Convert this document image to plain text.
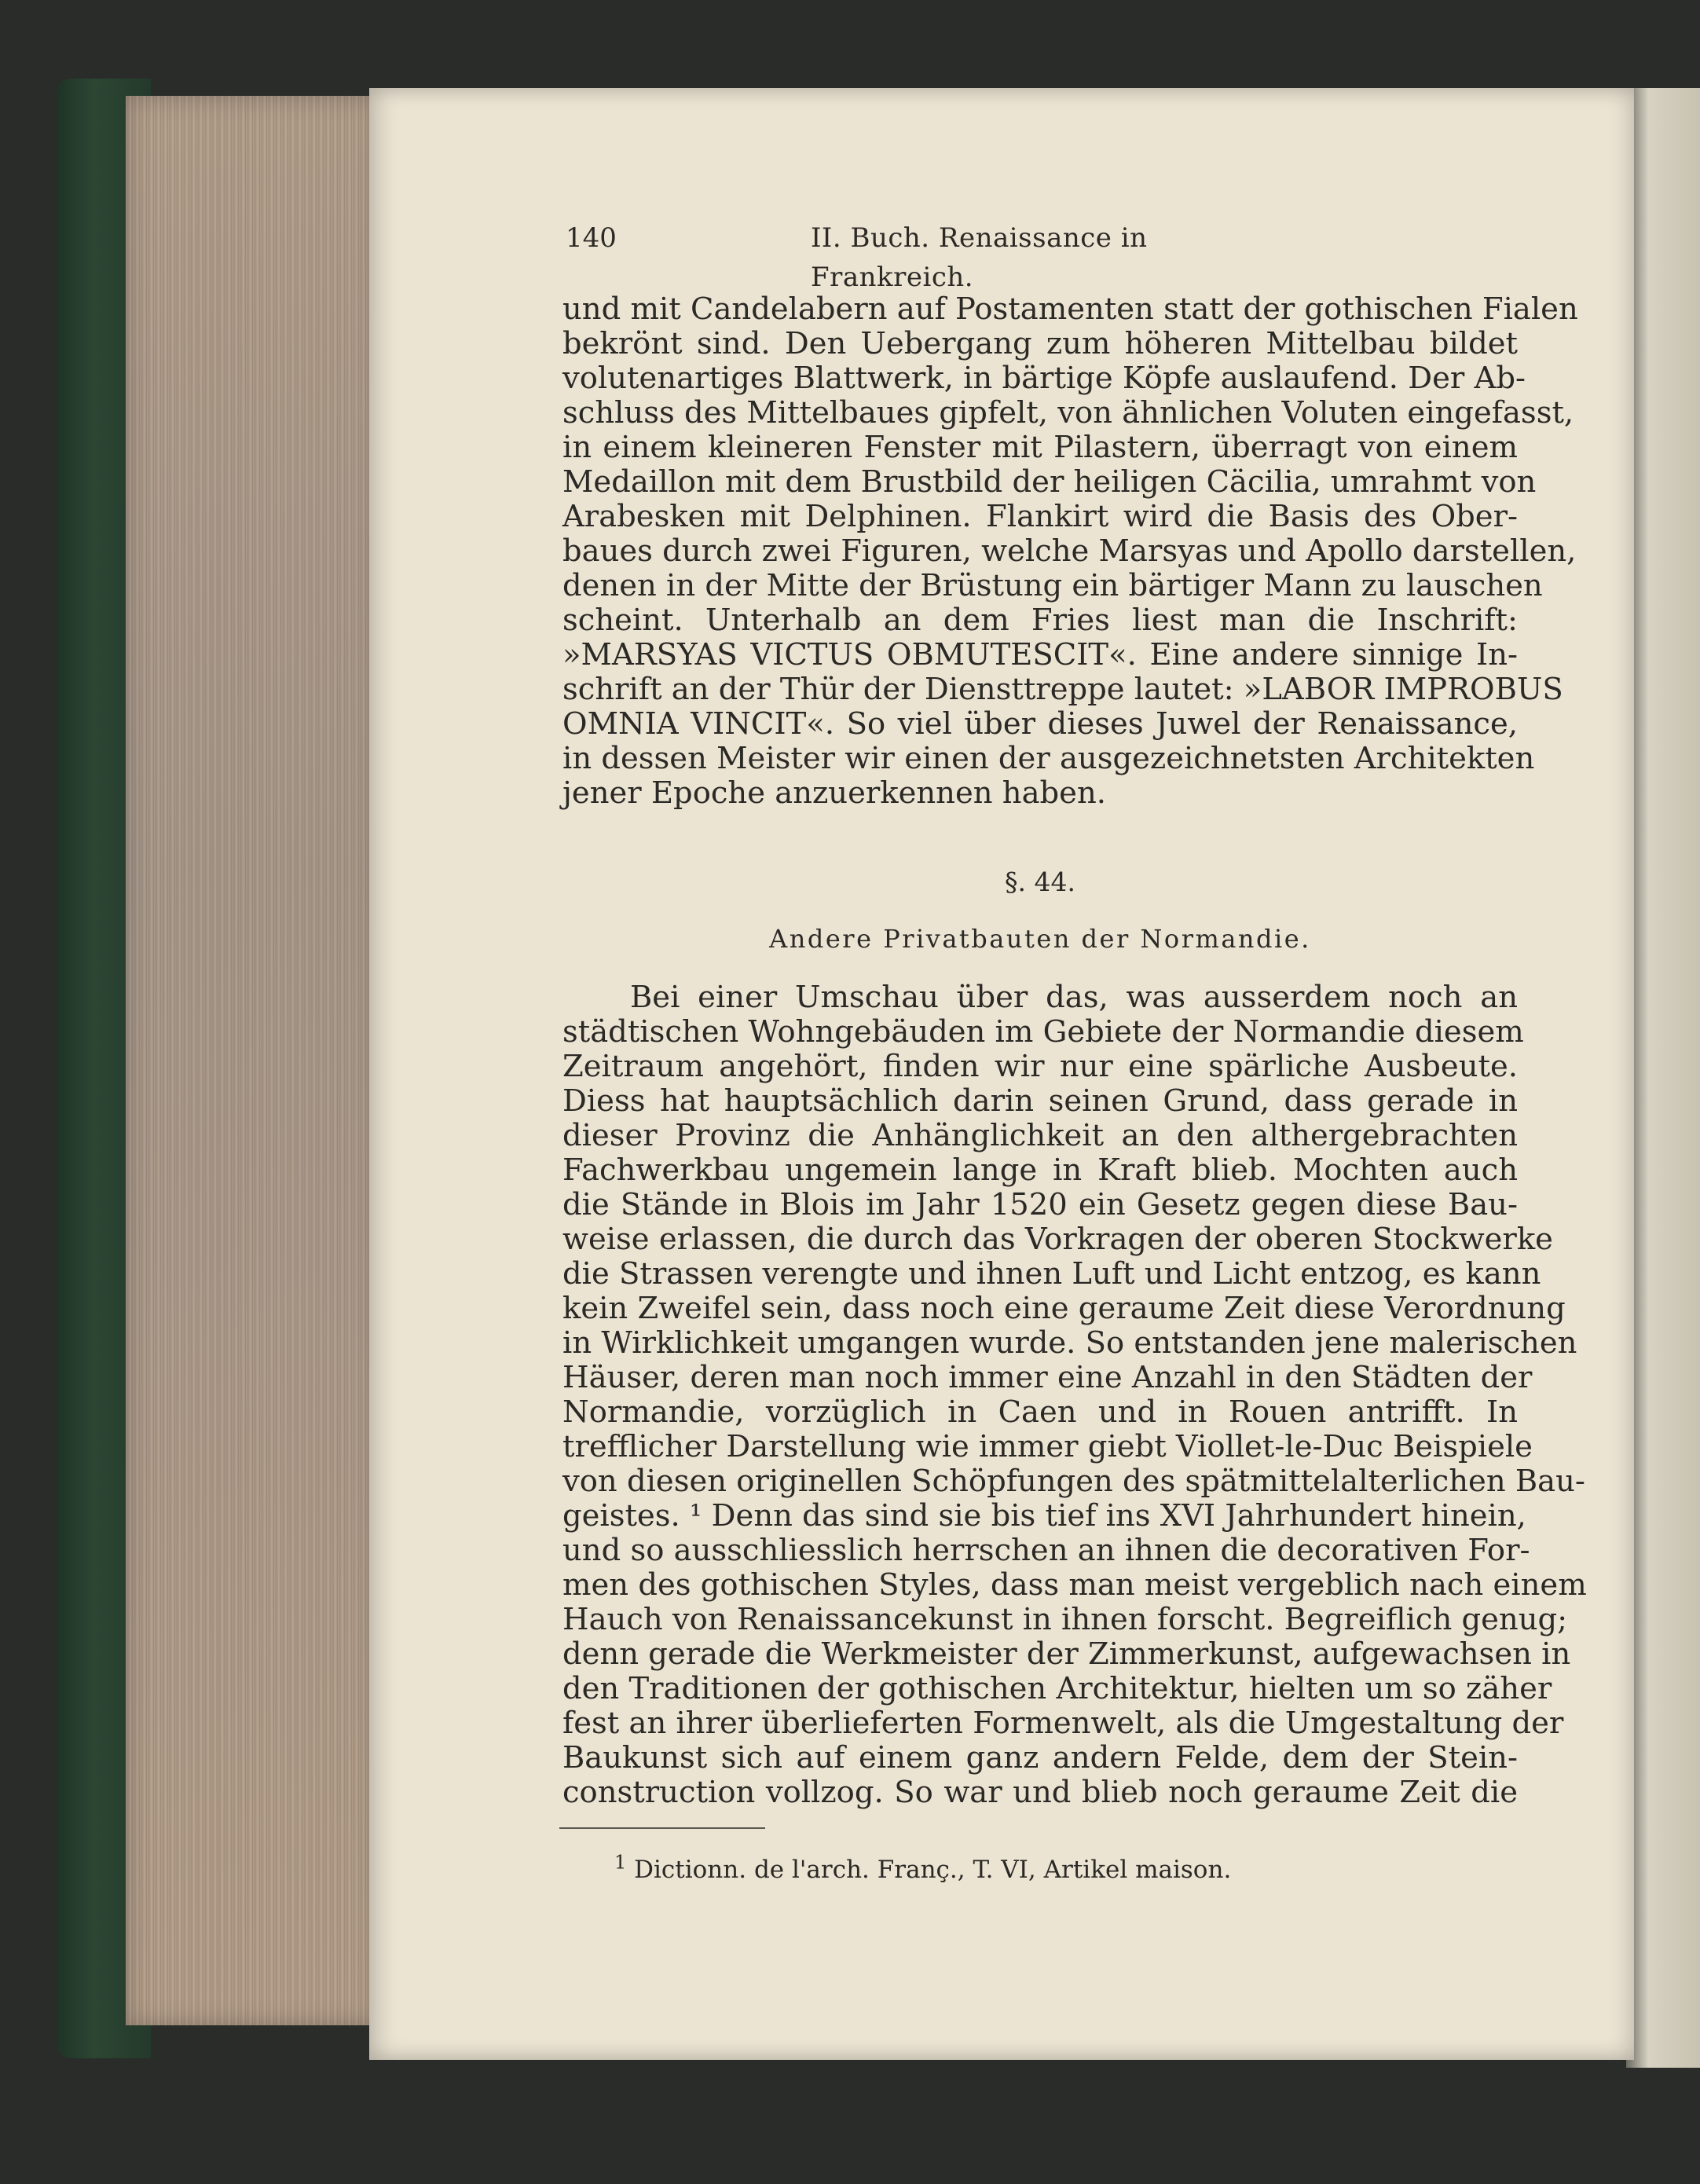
140	II. Buch. Renaissance in Frankreich.
und mit Candelabern auf Postamenten statt der gothischen Fialen
bekrönt sind. Den Uebergang zum höheren Mittelbau bildet
volutenartiges Blattwerk, in bärtige Köpfe auslaufend. Der Ab-
schluss des Mittelbaues gipfelt, von ähnlichen Voluten eingefasst,
in einem kleineren Fenster mit Pilastern, überragt von einem
Medaillon mit dem Brustbild der heiligen Cäcilia, umrahmt von
Arabesken mit Delphinen. Flankirt wird die Basis des Ober-
baues durch zwei Figuren, welche Marsyas und Apollo darstellen,
denen in der Mitte der Brüstung ein bärtiger Mann zu lauschen
scheint. Unterhalb an dem Fries liest man die Inschrift:
»MARSYAS VICTUS OBMUTESCIT«. Eine andere sinnige In-
schrift an der Thür der Diensttreppe lautet: »LABOR IMPROBUS
OMNIA VINCIT«. So viel über dieses Juwel der Renaissance,
in dessen Meister wir einen der ausgezeichnetsten Architekten
jener Epoche anzuerkennen haben.
§. 44.
Andere Privatbauten der Normandie.
Bei einer Umschau über das, was ausserdem noch an
städtischen Wohngebäuden im Gebiete der Normandie diesem
Zeitraum angehört, finden wir nur eine spärliche Ausbeute.
Diess hat hauptsächlich darin seinen Grund, dass gerade in
dieser Provinz die Anhänglichkeit an den althergebrachten
Fachwerkbau ungemein lange in Kraft blieb. Mochten auch
die Stände in Blois im Jahr 1520 ein Gesetz gegen diese Bau-
weise erlassen, die durch das Vorkragen der oberen Stockwerke
die Strassen verengte und ihnen Luft und Licht entzog, es kann
kein Zweifel sein, dass noch eine geraume Zeit diese Verordnung
in Wirklichkeit umgangen wurde. So entstanden jene malerischen
Häuser, deren man noch immer eine Anzahl in den Städten der
Normandie, vorzüglich in Caen und in Rouen antrifft. In
trefflicher Darstellung wie immer giebt Viollet-le-Duc Beispiele
von diesen originellen Schöpfungen des spätmittelalterlichen Bau-
geistes. ¹ Denn das sind sie bis tief ins XVI Jahrhundert hinein,
und so ausschliesslich herrschen an ihnen die decorativen For-
men des gothischen Styles, dass man meist vergeblich nach einem
Hauch von Renaissancekunst in ihnen forscht. Begreiflich genug;
denn gerade die Werkmeister der Zimmerkunst, aufgewachsen in
den Traditionen der gothischen Architektur, hielten um so zäher
fest an ihrer überlieferten Formenwelt, als die Umgestaltung der
Baukunst sich auf einem ganz andern Felde, dem der Stein-
construction vollzog. So war und blieb noch geraume Zeit die
$^1$ Dictionn. de l'arch. Franç., T. VI, Artikel maison.
